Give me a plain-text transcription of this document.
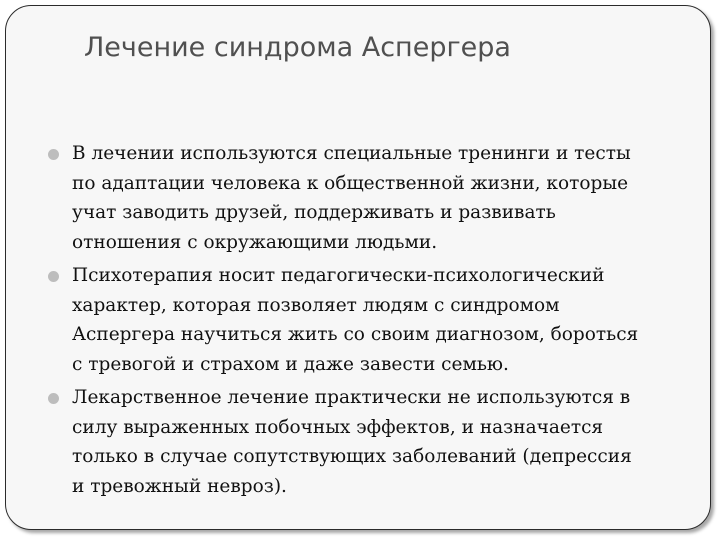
Лечение синдрома Аспергера
В лечении используются специальные тренинги и тесты
по адаптации человека к общественной жизни, которые
учат заводить друзей, поддерживать и развивать
отношения с окружающими людьми.
Психотерапия носит педагогически-психологический
характер, которая позволяет людям с синдромом
Аспергера научиться жить со своим диагнозом, бороться
с тревогой и страхом и даже завести семью.
Лекарственное лечение практически не используются в
силу выраженных побочных эффектов, и назначается
только в случае сопутствующих заболеваний (депрессия
и тревожный невроз).
